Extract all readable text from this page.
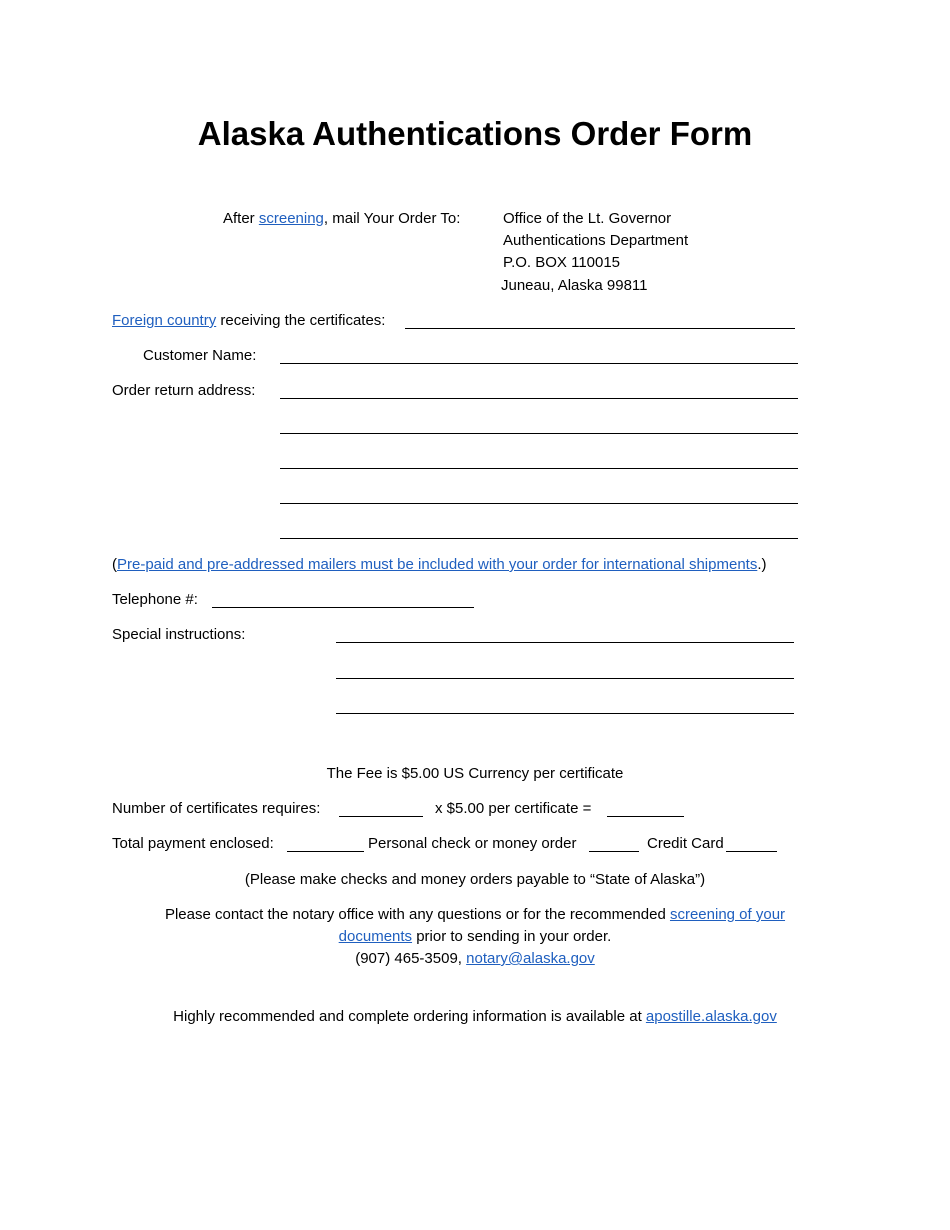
Alaska Authentications Order Form
After screening, mail Your Order To:	Office of the Lt. Governor
Authentications Department
P.O. BOX 110015
Juneau, Alaska 99811
Foreign country receiving the certificates:
Customer Name:
Order return address:
(Pre-paid and pre-addressed mailers must be included with your order for international shipments.)
Telephone #:
Special instructions:
The Fee is $5.00 US Currency per certificate
Number of certificates requires:	x $5.00 per certificate =
Total payment enclosed:	Personal check or money order	Credit Card
(Please make checks and money orders payable to “State of Alaska”)
Please contact the notary office with any questions or for the recommended screening of your
documents prior to sending in your order.
(907) 465-3509, notary@alaska.gov
Highly recommended and complete ordering information is available at apostille.alaska.gov
